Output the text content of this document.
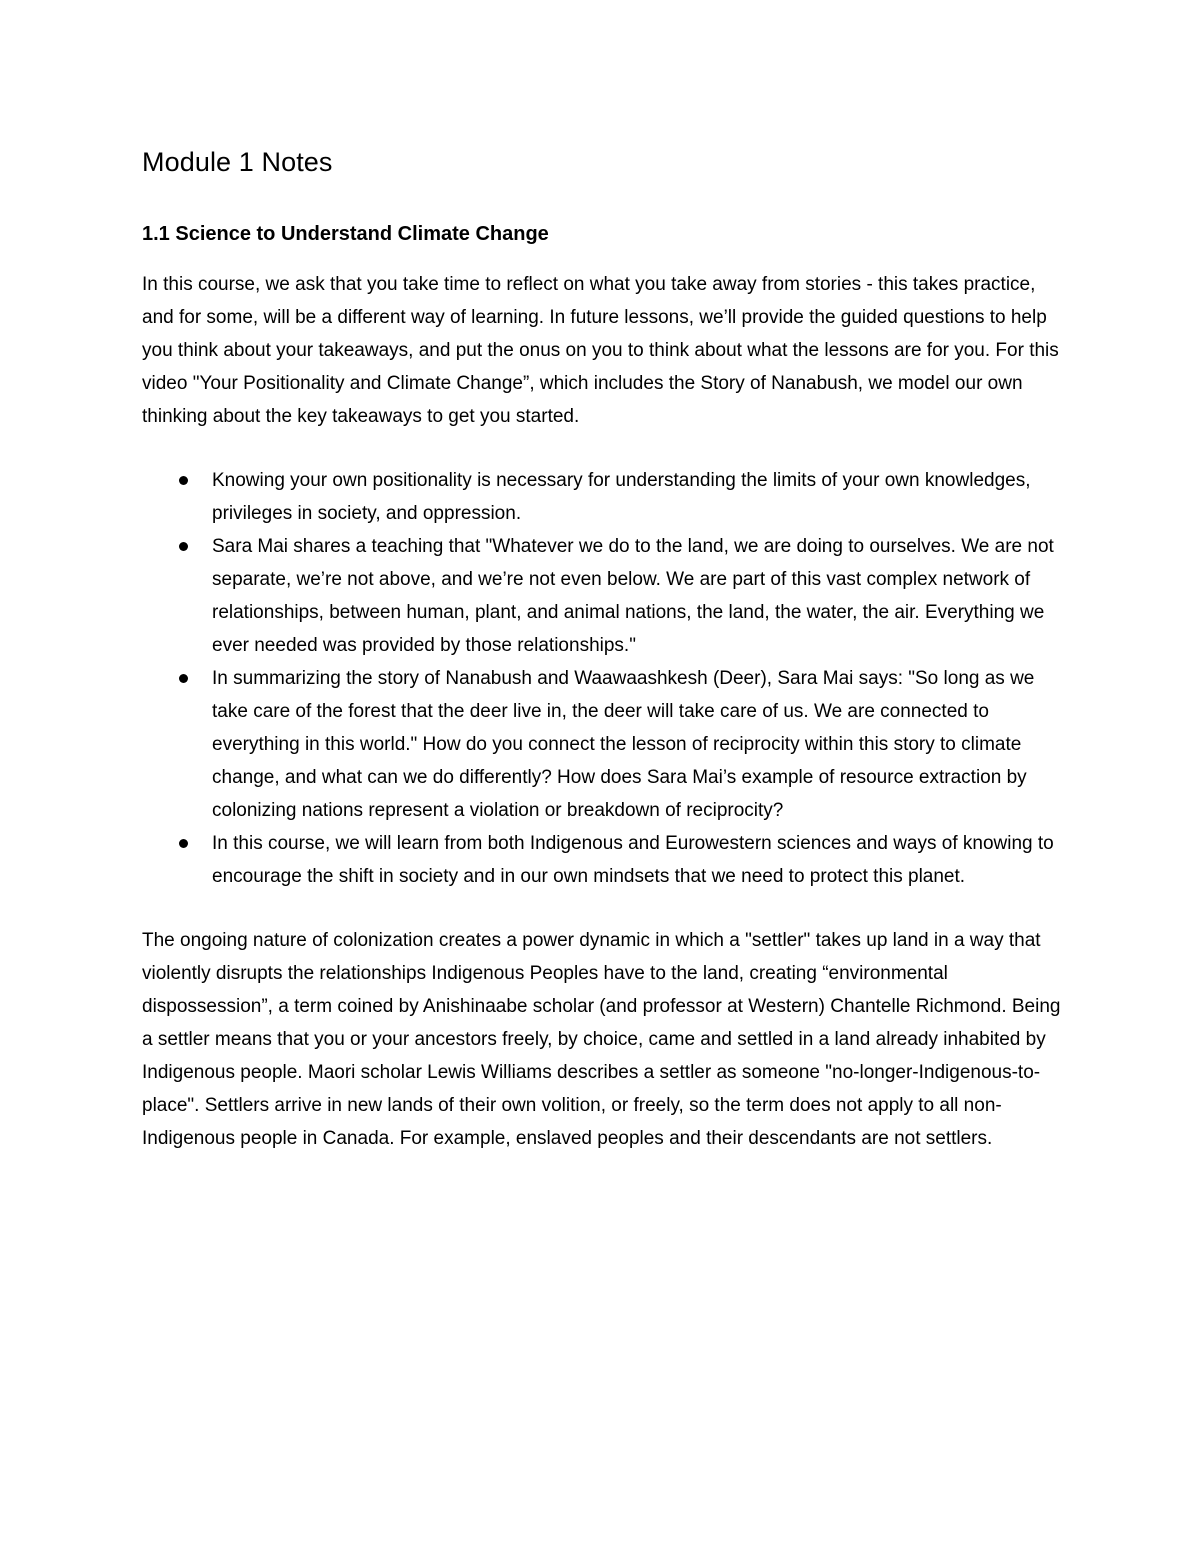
Module 1 Notes
1.1 Science to Understand Climate Change

In this course, we ask that you take time to reflect on what you take away from stories - this takes practice, and for some, will be a different way of learning. In future lessons, we’ll provide the guided questions to help you think about your takeaways, and put the onus on you to think about what the lessons are for you. For this video "Your Positionality and Climate Change”, which includes the Story of Nanabush, we model our own thinking about the key takeaways to get you started.

Knowing your own positionality is necessary for understanding the limits of your own knowledges, privileges in society, and oppression.
Sara Mai shares a teaching that "Whatever we do to the land, we are doing to ourselves. We are not separate, we’re not above, and we’re not even below. We are part of this vast complex network of relationships, between human, plant, and animal nations, the land, the water, the air. Everything we ever needed was provided by those relationships."
In summarizing the story of Nanabush and Waawaashkesh (Deer), Sara Mai says: "So long as we take care of the forest that the deer live in, the deer will take care of us. We are connected to everything in this world." How do you connect the lesson of reciprocity within this story to climate change, and what can we do differently? How does Sara Mai’s example of resource extraction by colonizing nations represent a violation or breakdown of reciprocity?
In this course, we will learn from both Indigenous and Eurowestern sciences and ways of knowing to encourage the shift in society and in our own mindsets that we need to protect this planet.

The ongoing nature of colonization creates a power dynamic in which a "settler" takes up land in a way that violently disrupts the relationships Indigenous Peoples have to the land, creating “environmental dispossession”, a term coined by Anishinaabe scholar (and professor at Western) Chantelle Richmond. Being a settler means that you or your ancestors freely, by choice, came and settled in a land already inhabited by Indigenous people. Maori scholar Lewis Williams describes a settler as someone "no-longer-Indigenous-to-place". Settlers arrive in new lands of their own volition, or freely, so the term does not apply to all non-Indigenous people in Canada. For example, enslaved peoples and their descendants are not settlers.
